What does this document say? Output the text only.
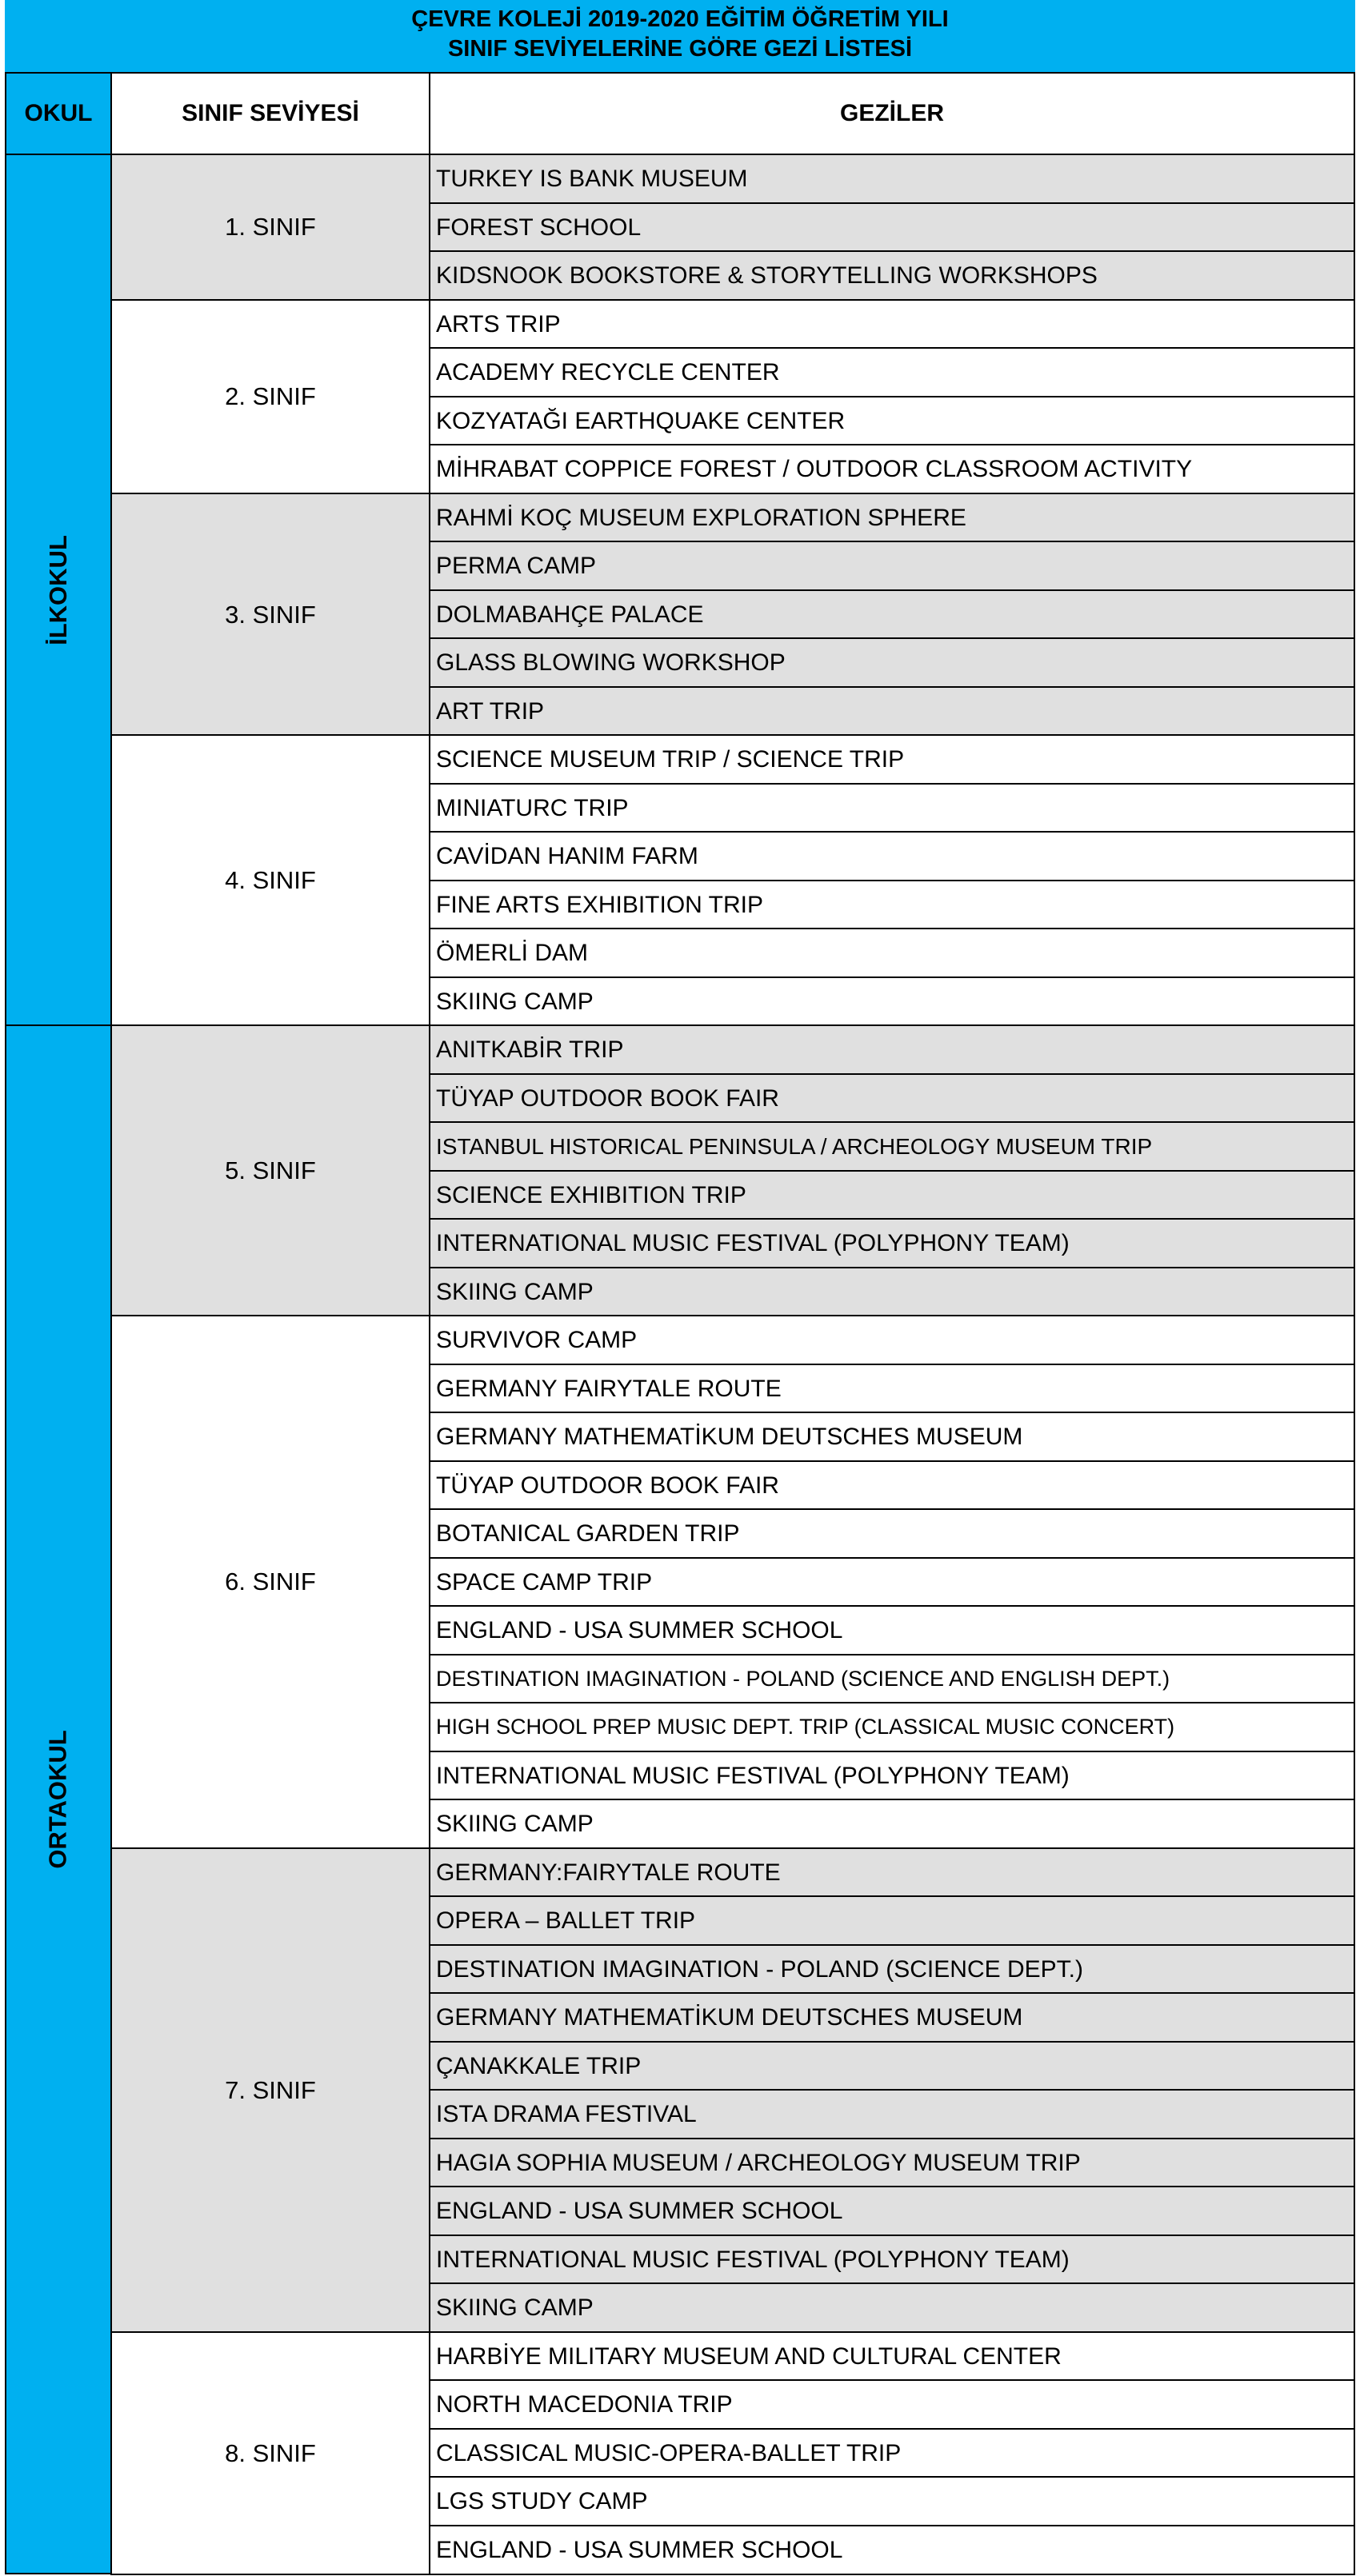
ÇEVRE KOLEJİ 2019-2020 EĞİTİM ÖĞRETİM YILI
SINIF SEVİYELERİNE GÖRE GEZİ LİSTESİ
OKUL	SINIF SEVİYESİ	GEZİLER
TURKEY IS BANK MUSEUM
FOREST SCHOOL
KIDSNOOK BOOKSTORE & STORYTELLING WORKSHOPS
1. SINIF
ARTS TRIP
ACADEMY RECYCLE CENTER
KOZYATAĞI EARTHQUAKE CENTER
MİHRABAT COPPICE FOREST / OUTDOOR CLASSROOM ACTIVITY
2. SINIF
RAHMİ KOÇ MUSEUM EXPLORATION SPHERE
PERMA CAMP
DOLMABAHÇE PALACE
GLASS BLOWING WORKSHOP
ART TRIP
3. SINIF
SCIENCE MUSEUM TRIP / SCIENCE TRIP
MINIATURC TRIP
CAVİDAN HANIM FARM
FINE ARTS EXHIBITION TRIP
ÖMERLİ DAM
SKIING CAMP
4. SINIF
İLKOKUL
ANITKABİR TRIP
TÜYAP OUTDOOR BOOK FAIR
ISTANBUL HISTORICAL PENINSULA / ARCHEOLOGY MUSEUM TRIP
SCIENCE EXHIBITION TRIP
INTERNATIONAL MUSIC FESTIVAL (POLYPHONY TEAM)
SKIING CAMP
5. SINIF
SURVIVOR CAMP
GERMANY FAIRYTALE ROUTE
GERMANY MATHEMATİKUM DEUTSCHES MUSEUM
TÜYAP OUTDOOR BOOK FAIR
BOTANICAL GARDEN TRIP
SPACE CAMP TRIP
ENGLAND - USA SUMMER SCHOOL
DESTINATION IMAGINATION - POLAND (SCIENCE AND ENGLISH DEPT.)
HIGH SCHOOL PREP MUSIC DEPT. TRIP (CLASSICAL MUSIC CONCERT)
INTERNATIONAL MUSIC FESTIVAL (POLYPHONY TEAM)
SKIING CAMP
6. SINIF
GERMANY:FAIRYTALE ROUTE
OPERA – BALLET TRIP
DESTINATION IMAGINATION - POLAND (SCIENCE DEPT.)
GERMANY MATHEMATİKUM DEUTSCHES MUSEUM
ÇANAKKALE TRIP
ISTA DRAMA FESTIVAL
HAGIA SOPHIA MUSEUM / ARCHEOLOGY MUSEUM TRIP
ENGLAND - USA SUMMER SCHOOL
INTERNATIONAL MUSIC FESTIVAL (POLYPHONY TEAM)
SKIING CAMP
7. SINIF
HARBİYE MILITARY MUSEUM AND CULTURAL CENTER
NORTH MACEDONIA TRIP
CLASSICAL MUSIC-OPERA-BALLET TRIP
LGS STUDY CAMP
ENGLAND - USA SUMMER SCHOOL
8. SINIF
ORTAOKUL
